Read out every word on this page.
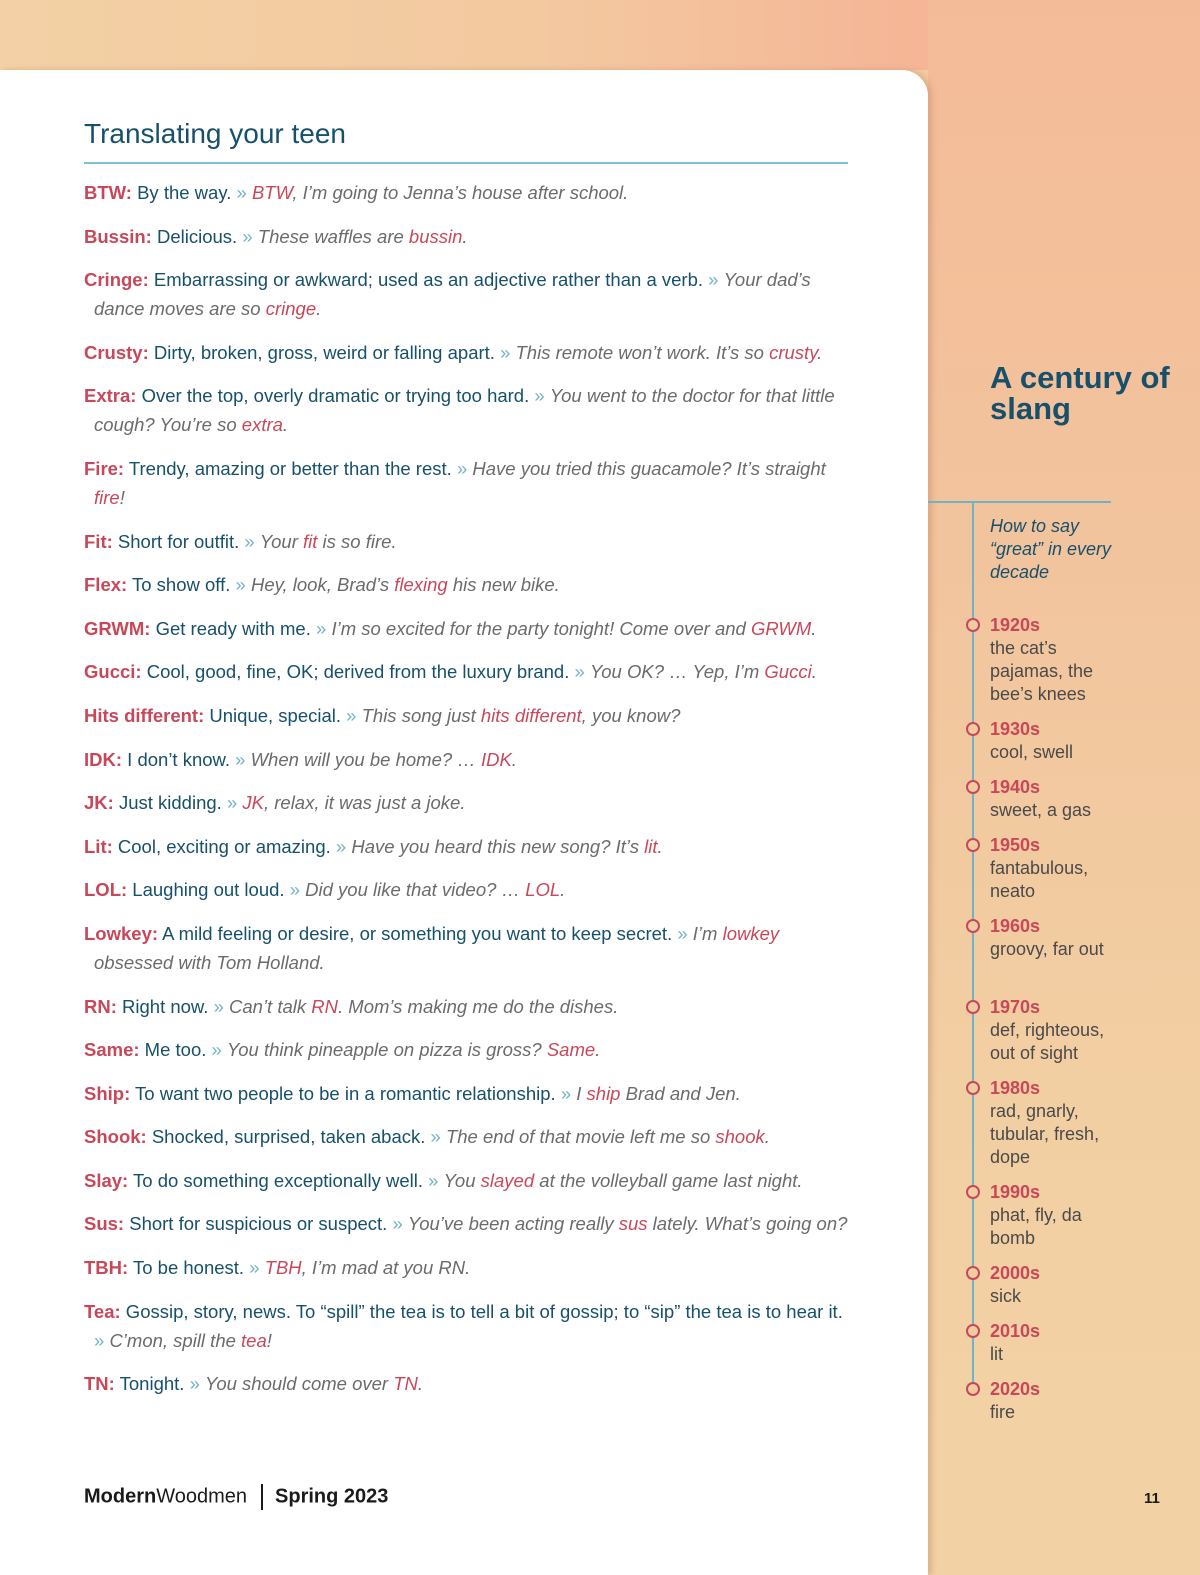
Translating your teen
BTW: By the way. » BTW, I’m going to Jenna’s house after school.
Bussin: Delicious. » These waffles are bussin.
Cringe: Embarrassing or awkward; used as an adjective rather than a verb. » Your dad’s dance moves are so cringe.
Crusty: Dirty, broken, gross, weird or falling apart. » This remote won’t work. It’s so crusty.
Extra: Over the top, overly dramatic or trying too hard. » You went to the doctor for that little cough? You’re so extra.
Fire: Trendy, amazing or better than the rest. » Have you tried this guacamole? It’s straight fire!
Fit: Short for outfit. » Your fit is so fire.
Flex: To show off. » Hey, look, Brad’s flexing his new bike.
GRWM: Get ready with me. » I’m so excited for the party tonight! Come over and GRWM.
Gucci: Cool, good, fine, OK; derived from the luxury brand. » You OK? … Yep, I’m Gucci.
Hits different: Unique, special. » This song just hits different, you know?
IDK: I don’t know. » When will you be home? … IDK.
JK: Just kidding. » JK, relax, it was just a joke.
Lit: Cool, exciting or amazing. » Have you heard this new song? It’s lit.
LOL: Laughing out loud. » Did you like that video? … LOL.
Lowkey: A mild feeling or desire, or something you want to keep secret. » I’m lowkey obsessed with Tom Holland.
RN: Right now. » Can’t talk RN. Mom’s making me do the dishes.
Same: Me too. » You think pineapple on pizza is gross? Same.
Ship: To want two people to be in a romantic relationship. » I ship Brad and Jen.
Shook: Shocked, surprised, taken aback. » The end of that movie left me so shook.
Slay: To do something exceptionally well. » You slayed at the volleyball game last night.
Sus: Short for suspicious or suspect. » You’ve been acting really sus lately. What’s going on?
TBH: To be honest. » TBH, I’m mad at you RN.
Tea: Gossip, story, news. To “spill” the tea is to tell a bit of gossip; to “sip” the tea is to hear it. » C’mon, spill the tea!
TN: Tonight. » You should come over TN.
ModernWoodmen Spring 2023	11
A century of slang
How to say “great” in every decade
1920s
the cat’s pajamas, the bee’s knees
1930s
cool, swell
1940s
sweet, a gas
1950s
fantabulous, neato
1960s
groovy, far out
1970s
def, righteous, out of sight
1980s
rad, gnarly, tubular, fresh, dope
1990s
phat, fly, da bomb
2000s
sick
2010s
lit
2020s
fire
